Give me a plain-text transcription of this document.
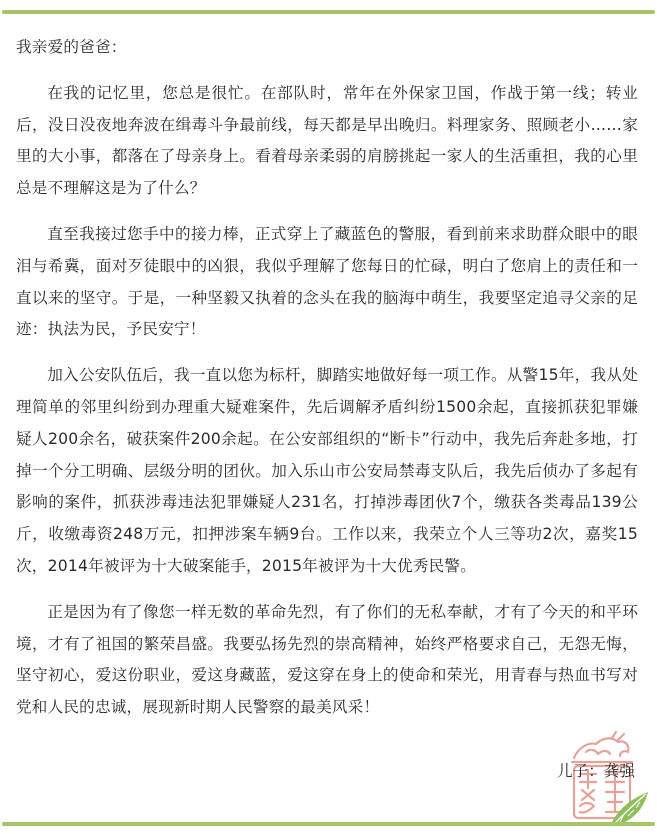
我亲爱的爸爸：

在我的记忆里，您总是很忙。在部队时，常年在外保家卫国，作战于第一线；转业后，没日没夜地奔波在缉毒斗争最前线，每天都是早出晚归。料理家务、照顾老小……家里的大小事，都落在了母亲身上。看着母亲柔弱的肩膀挑起一家人的生活重担，我的心里总是不理解这是为了什么？

直至我接过您手中的接力棒，正式穿上了藏蓝色的警服，看到前来求助群众眼中的眼泪与希冀，面对歹徒眼中的凶狠，我似乎理解了您每日的忙碌，明白了您肩上的责任和一直以来的坚守。于是，一种坚毅又执着的念头在我的脑海中萌生，我要坚定追寻父亲的足迹：执法为民，予民安宁！

加入公安队伍后，我一直以您为标杆，脚踏实地做好每一项工作。从警15年，我从处理简单的邻里纠纷到办理重大疑难案件，先后调解矛盾纠纷1500余起，直接抓获犯罪嫌疑人200余名，破获案件200余起。在公安部组织的“断卡”行动中，我先后奔赴多地，打掉一个分工明确、层级分明的团伙。加入乐山市公安局禁毒支队后，我先后侦办了多起有影响的案件，抓获涉毒违法犯罪嫌疑人231名，打掉涉毒团伙7个，缴获各类毒品139公斤，收缴毒资248万元，扣押涉案车辆9台。工作以来，我荣立个人三等功2次，嘉奖15次，2014年被评为十大破案能手，2015年被评为十大优秀民警。

正是因为有了像您一样无数的革命先烈，有了你们的无私奉献，才有了今天的和平环境，才有了祖国的繁荣昌盛。我要弘扬先烈的崇高精神，始终严格要求自己，无怨无悔，坚守初心，爱这份职业，爱这身藏蓝，爱这穿在身上的使命和荣光，用青春与热血书写对党和人民的忠诚，展现新时期人民警察的最美风采！

儿子：龚强
